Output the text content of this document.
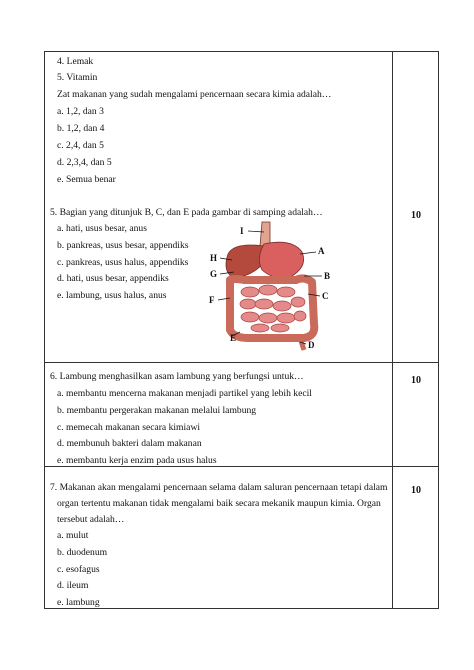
4. Lemak
5. Vitamin
Zat makanan yang sudah mengalami pencernaan secara kimia adalah…
a. 1,2, dan 3
b. 1,2, dan 4
c. 2,4, dan 5
d. 2,3,4, dan 5
e. Semua benar
5. Bagian yang ditunjuk B, C, dan E pada gambar di samping adalah…
a. hati, usus besar, anus
b. pankreas, usus besar, appendiks
c. pankreas, usus halus, appendiks
d. hati, usus besar, appendiks
e. lambung, usus halus, anus
10
I
A
H
G	B
C
F
E
D
6. Lambung menghasilkan asam lambung yang berfungsi untuk…
a. membantu mencerna makanan menjadi partikel yang lebih kecil
b. membantu pergerakan makanan melalui lambung
c. memecah makanan secara kimiawi
d. membunuh bakteri dalam makanan
e. membantu kerja enzim pada usus halus
10
7. Makanan akan mengalami pencernaan selama dalam saluran pencernaan tetapi dalam
organ tertentu makanan tidak mengalami baik secara mekanik maupun kimia. Organ
tersebut adalah…
a. mulut
b. duodenum
c. esofagus
d. ileum
e. lambung
10
